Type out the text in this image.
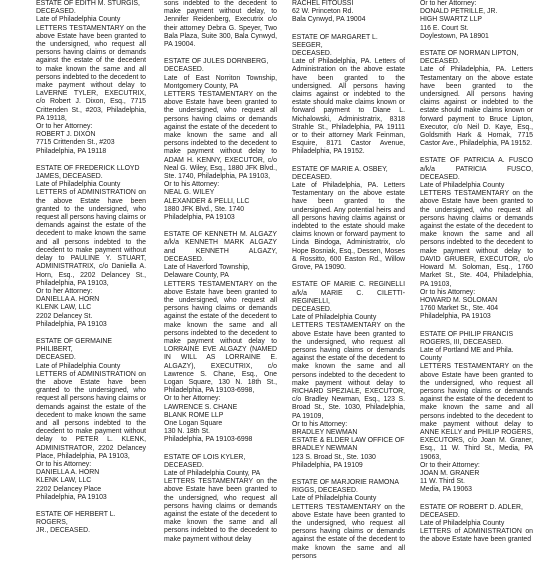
ESTATE OF EDITH M. STURGIS,
DECEASED.
Late of Philadelphia County
LETTERS TESTAMENTARY on the above Estate have been granted to the undersigned, who request all persons having claims or demands against the estate of the decedent to make known the same and all persons indebted to the decedent to make payment without delay to LaVERNE TYLER, EXECUTRIX, c/o Robert J. Dixon, Esq., 7715 Crittenden St., #203, Philadelphia, PA 19118,
Or to her Attorney:
ROBERT J. DIXON
7715 Crittenden St., #203
Philadelphia, PA 19118
ESTATE OF FREDERICK LLOYD
JAMES, DECEASED.
Late of Philadelphia County
LETTERS of ADMINISTRATION on the above Estate have been granted to the undersigned, who request all persons having claims or demands against the estate of the decedent to make known the same and all persons indebted to the decedent to make payment without delay to PAULINE Y. STUART, ADMINISTRATRIX, c/o Daniella A. Horn, Esq., 2202 Delancey St., Philadelphia, PA 19103,
Or to her Attorney:
DANIELLA A. HORN
KLENK LAW, LLC
2202 Delancey St.
Philadelphia, PA 19103
ESTATE OF GERMAINE PHILIBERT,
DECEASED.
Late of Philadelphia County
LETTERS of ADMINISTRATION on the above Estate have been granted to the undersigned, who request all persons having claims or demands against the estate of the decedent to make known the same and all persons indebted to the decedent to make payment without delay to PETER L. KLENK, ADMINISTRATOR, 2202 Delancey Place, Philadelphia, PA 19103,
Or to his Attorney:
DANIELLA A. HORN
KLENK LAW, LLC
2202 Delancey Place
Philadelphia, PA 19103
ESTATE OF HERBERT L. ROGERS,
JR., DECEASED.
sons indebted to the decedent to make payment without delay, to Jennifer Reidenberg, Executrix c/o their attorney Debra G. Speyer, Two Bala Plaza, Suite 300, Bala Cynwyd, PA 19004.
ESTATE OF JULES DORNBERG,
DECEASED.
Late of East Norriton Township, Montgomery County, PA
LETTERS TESTAMENTARY on the above Estate have been granted to the undersigned, who request all persons having claims or demands against the estate of the decedent to make known the same and all persons indebted to the decedent to make payment without delay to ADAM H. KENNY, EXECUTOR, c/o Neal G. Wiley, Esq., 1880 JFK Blvd., Ste. 1740, Philadelphia, PA 19103,
Or to his Attorney:
NEAL G. WILEY
ALEXANDER & PELLI, LLC
1880 JFK Blvd., Ste. 1740
Philadelphia, PA 19103
ESTATE OF KENNETH M. ALGAZY a/k/a KENNETH MARK ALGAZY and KENNETH ALGAZY, DECEASED.
Late of Haverford Township, Delaware County, PA
LETTERS TESTAMENTARY on the above Estate have been granted to the undersigned, who request all persons having claims or demands against the estate of the decedent to make known the same and all persons indebted to the decedent to make payment without delay to LORRAINE EVE ALGAZY (NAMED IN WILL AS LORRAINE E. ALGAZY), EXECUTRIX, c/o Lawrence S. Chane, Esq., One Logan Square, 130 N. 18th St., Philadelphia, PA 19103-6998,
Or to her Attorney:
LAWRENCE S. CHANE
BLANK ROME LLP
One Logan Square
130 N. 18th St.
Philadelphia, PA 19103-6998
ESTATE OF LOIS KYLER,
DECEASED.
Late of Philadelphia County, PA
LETTERS TESTAMENTARY on the above Estate have been granted to the undersigned, who request all persons having claims or demands against the estate of the decedent to make known the same and all persons indebted to the decedent to make payment without delay
RACHEL FITOUSSI
62 W. Princeton Rd.
Bala Cynwyd, PA 19004
ESTATE OF MARGARET L. SEEGER,
DECEASED.
Late of Philadelphia, PA. Letters of Administration on the above estate have been granted to the undersigned. All persons having claims against or indebted to the estate should make claims known or forward payment to Diane L. Michalowski, Administratrix, 8318 Strahle St., Philadelphia, PA 19111 or to their attorney Mark Feinman, Esquire, 8171 Castor Avenue, Philadelphia, PA 19152.
ESTATE OF MARIE A. OSBEY,
DECEASED.
Late of Philadelphia, PA. Letters Testamentary on the above estate have been granted to the undersigned. Any potential heirs and all persons having claims against or indebted to the estate should make claims known or forward payment to Linda Bindoga, Administratrix, c/o Hope Bosniak, Esq., Dessen, Moses & Rossitto, 600 Easton Rd., Willow Grove, PA 19090.
ESTATE OF MARIE C. REGINELLI a/k/a MARIE C. CILETTI-REGINELLI,
DECEASED.
Late of Philadelphia County
LETTERS TESTAMENTARY on the above Estate have been granted to the undersigned, who request all persons having claims or demands against the estate of the decedent to make known the same and all persons indebted to the decedent to make payment without delay to RICHARD SPEZIALE, EXECUTOR, c/o Bradley Newman, Esq., 123 S. Broad St., Ste. 1030, Philadelphia, PA 19109,
Or to his Attorney:
BRADLEY NEWMAN
ESTATE & ELDER LAW OFFICE OF BRADLEY NEWMAN
123 S. Broad St., Ste. 1030
Philadelphia, PA 19109
ESTATE OF MARJORIE RAMONA RIGGS, DECEASED.
Late of Philadelphia County
LETTERS TESTAMENTARY on the above Estate have been granted to the undersigned, who request all persons having claims or demands against the estate of the decedent to make known the same and all persons
Or to her Attorney:
DONALD PETRILLE, JR.
HIGH SWARTZ LLP
116 E. Court St.
Doylestown, PA 18901
ESTATE OF NORMAN LIPTON,
DECEASED.
Late of Philadelphia, PA. Letters Testamentary on the above estate have been granted to the undersigned. All persons having claims against or indebted to the estate should make claims known or forward payment to Bruce Lipton, Executor, c/o Neil D. Kaye, Esq., Goldsmith Hark & Hornak, 7715 Castor Ave., Philadelphia, PA 19152.
ESTATE OF PATRICIA A. FUSCO a/k/a PATRICIA FUSCO, DECEASED.
Late of Philadelphia County
LETTERS TESTAMENTARY on the above Estate have been granted to the undersigned, who request all persons having claims or demands against the estate of the decedent to make known the same and all persons indebted to the decedent to make payment without delay to DAVID GRUBER, EXECUTOR, c/o Howard M. Soloman, Esq., 1760 Market St., Ste. 404, Philadelphia, PA 19103,
Or to his Attorney:
HOWARD M. SOLOMAN
1760 Market St., Ste. 404
Philadelphia, PA 19103
ESTATE OF PHILIP FRANCIS ROGERS, III, DECEASED.
Late of Portland ME and Phila. County
LETTERS TESTAMENTARY on the above Estate have been granted to the undersigned, who request all persons having claims or demands against the estate of the decedent to make known the same and all persons indebted to the decedent to make payment without delay to ANNE KELLY and PHILIP ROGERS, EXECUTORS, c/o Joan M. Graner, Esq., 11 W. Third St., Media, PA 19063,
Or to their Attorney:
JOAN M. GRANER
11 W. Third St.
Media, PA 19063
ESTATE OF ROBERT D. ADLER,
DECEASED.
Late of Philadelphia County
LETTERS of ADMINISTRATION on the above Estate have been granted
